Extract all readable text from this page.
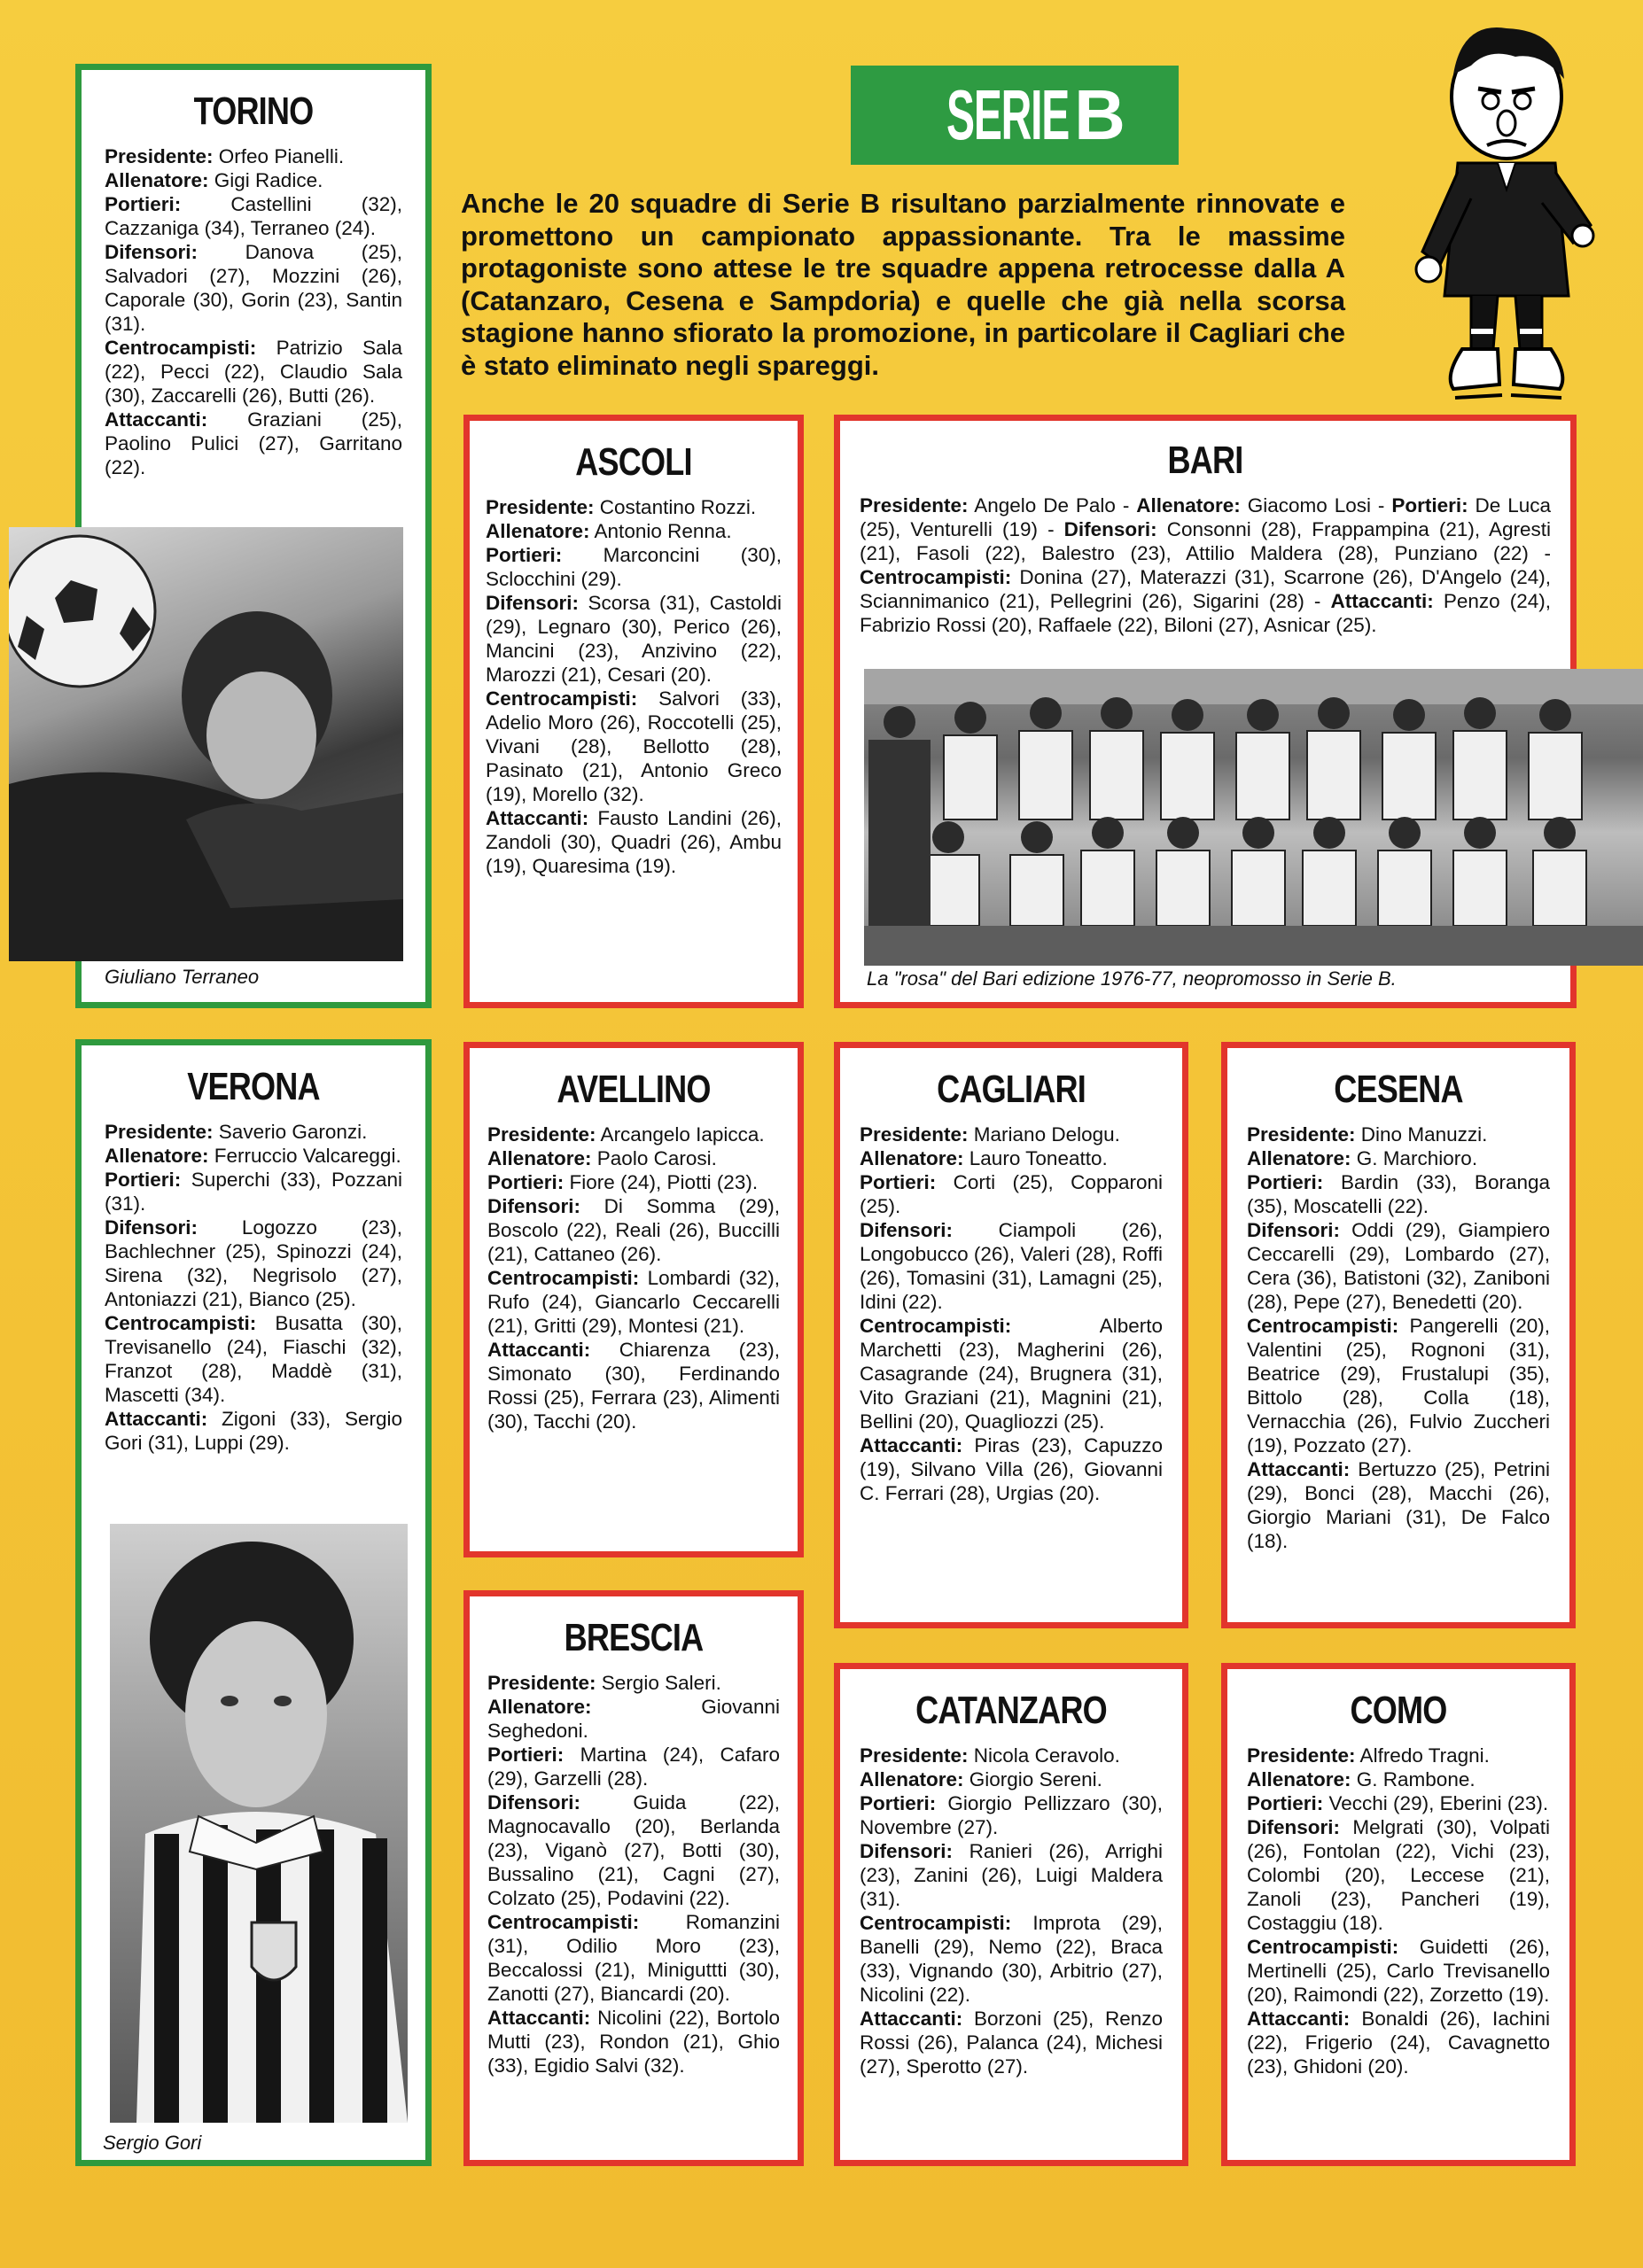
SERIEB
Anche le 20 squadre di Serie B risultano parzialmente rinnovate e promettono un campionato appassionante. Tra le massime protagoniste sono attese le tre squadre appena retrocesse dalla A (Catanzaro, Cesena e Sampdoria) e quelle che già nella scorsa stagione hanno sfiorato la promozione, in particolare il Cagliari che è stato eliminato negli spareggi.
TORINO
Presidente: Orfeo Pianelli.
Allenatore: Gigi Radice.
Portieri: Castellini (32), Cazzaniga (34), Terraneo (24).
Difensori: Danova (25), Salvadori (27), Mozzini (26), Caporale (30), Gorin (23), Santin (31).
Centrocampisti: Patrizio Sala (22), Pecci (22), Claudio Sala (30), Zaccarelli (26), Butti (26).
Attaccanti: Graziani (25), Paolino Pulici (27), Garritano (22).
Giuliano Terraneo
ASCOLI
Presidente: Costantino Rozzi.
Allenatore: Antonio Renna.
Portieri: Marconcini (30), Sclocchini (29).
Difensori: Scorsa (31), Castoldi (29), Legnaro (30), Perico (26), Mancini (23), Anzivino (22), Marozzi (21), Cesari (20).
Centrocampisti: Salvori (33), Adelio Moro (26), Roccotelli (25), Vivani (28), Bellotto (28), Pasinato (21), Antonio Greco (19), Morello (32).
Attaccanti: Fausto Landini (26), Zandoli (30), Quadri (26), Ambu (19), Quaresima (19).
BARI
Presidente: Angelo De Palo - Allenatore: Giacomo Losi - Portieri: De Luca (25), Venturelli (19) - Difensori: Consonni (28), Frappampina (21), Agresti (21), Fasoli (22), Balestro (23), Attilio Maldera (28), Punziano (22) - Centrocampisti: Donina (27), Materazzi (31), Scarrone (26), D'Angelo (24), Sciannimanico (21), Pellegrini (26), Sigarini (28) - Attaccanti: Penzo (24), Fabrizio Rossi (20), Raffaele (22), Biloni (27), Asnicar (25).
La "rosa" del Bari edizione 1976-77, neopromosso in Serie B.
VERONA
Presidente: Saverio Garonzi.
Allenatore: Ferruccio Valcareggi.
Portieri: Superchi (33), Pozzani (31).
Difensori: Logozzo (23), Bachlechner (25), Spinozzi (24), Sirena (32), Negrisolo (27), Antoniazzi (21), Bianco (25).
Centrocampisti: Busatta (30), Trevisanello (24), Fiaschi (32), Franzot (28), Maddè (31), Mascetti (34).
Attaccanti: Zigoni (33), Sergio Gori (31), Luppi (29).
Sergio Gori
AVELLINO
Presidente: Arcangelo Iapicca.
Allenatore: Paolo Carosi.
Portieri: Fiore (24), Piotti (23).
Difensori: Di Somma (29), Boscolo (22), Reali (26), Buccilli (21), Cattaneo (26).
Centrocampisti: Lombardi (32), Rufo (24), Giancarlo Ceccarelli (21), Gritti (29), Montesi (21).
Attaccanti: Chiarenza (23), Simonato (30), Ferdinando Rossi (25), Ferrara (23), Alimenti (30), Tacchi (20).
CAGLIARI
Presidente: Mariano Delogu.
Allenatore: Lauro Toneatto.
Portieri: Corti (25), Copparoni (25).
Difensori: Ciampoli (26), Longobucco (26), Valeri (28), Roffi (26), Tomasini (31), Lamagni (25), Idini (22).
Centrocampisti: Alberto Marchetti (23), Magherini (26), Casagrande (24), Brugnera (31), Vito Graziani (21), Magnini (21), Bellini (20), Quagliozzi (25).
Attaccanti: Piras (23), Capuzzo (19), Silvano Villa (26), Giovanni C. Ferrari (28), Urgias (20).
CESENA
Presidente: Dino Manuzzi.
Allenatore: G. Marchioro.
Portieri: Bardin (33), Boranga (35), Moscatelli (22).
Difensori: Oddi (29), Giampiero Ceccarelli (29), Lombardo (27), Cera (36), Batistoni (32), Zaniboni (28), Pepe (27), Benedetti (20).
Centrocampisti: Pangerelli (20), Valentini (25), Rognoni (31), Beatrice (29), Frustalupi (35), Bittolo (28), Colla (18), Vernacchia (26), Fulvio Zuccheri (19), Pozzato (27).
Attaccanti: Bertuzzo (25), Petrini (29), Bonci (28), Macchi (26), Giorgio Mariani (31), De Falco (18).
BRESCIA
Presidente: Sergio Saleri.
Allenatore: Giovanni Seghedoni.
Portieri: Martina (24), Cafaro (29), Garzelli (28).
Difensori: Guida (22), Magnocavallo (20), Berlanda (23), Viganò (27), Botti (30), Bussalino (21), Cagni (27), Colzato (25), Podavini (22).
Centrocampisti: Romanzini (31), Odilio Moro (23), Beccalossi (21), Miniguttti (30), Zanotti (27), Biancardi (20).
Attaccanti: Nicolini (22), Bortolo Mutti (23), Rondon (21), Ghio (33), Egidio Salvi (32).
CATANZARO
Presidente: Nicola Ceravolo.
Allenatore: Giorgio Sereni.
Portieri: Giorgio Pellizzaro (30), Novembre (27).
Difensori: Ranieri (26), Arrighi (23), Zanini (26), Luigi Maldera (31).
Centrocampisti: Improta (29), Banelli (29), Nemo (22), Braca (33), Vignando (30), Arbitrio (27), Nicolini (22).
Attaccanti: Borzoni (25), Renzo Rossi (26), Palanca (24), Michesi (27), Sperotto (27).
COMO
Presidente: Alfredo Tragni.
Allenatore: G. Rambone.
Portieri: Vecchi (29), Eberini (23).
Difensori: Melgrati (30), Volpati (26), Fontolan (22), Vichi (23), Colombi (20), Leccese (21), Zanoli (23), Pancheri (19), Costaggiu (18).
Centrocampisti: Guidetti (26), Mertinelli (25), Carlo Trevisanello (20), Raimondi (22), Zorzetto (19).
Attaccanti: Bonaldi (26), Iachini (22), Frigerio (24), Cavagnetto (23), Ghidoni (20).
